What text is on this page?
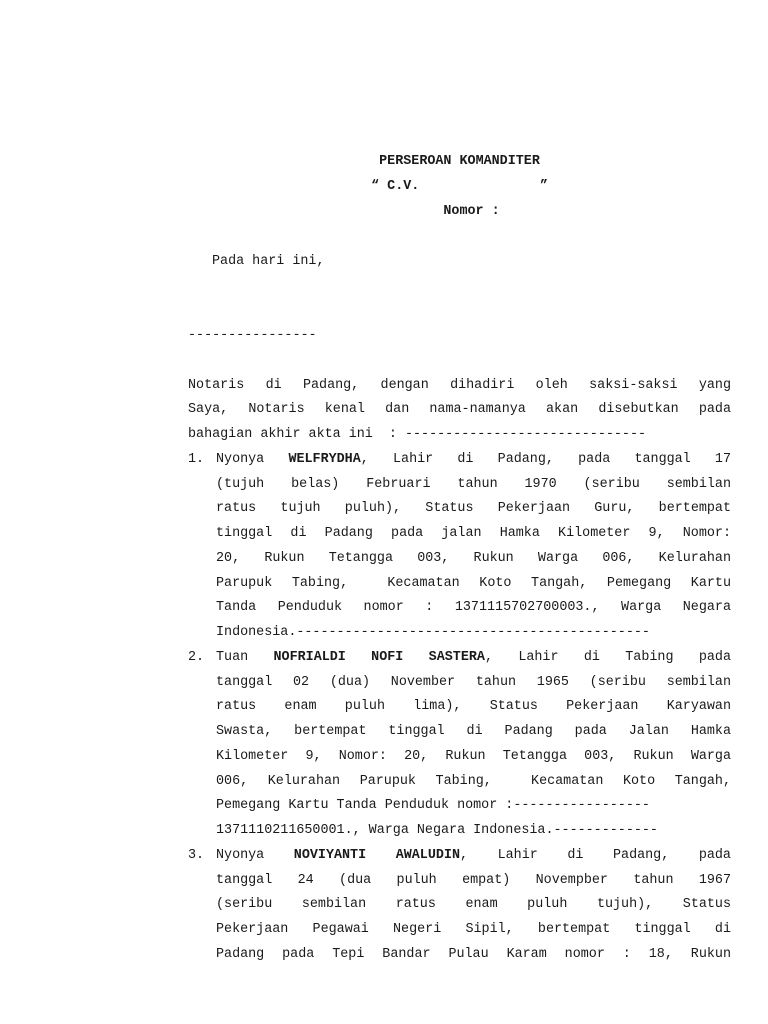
PERSEROAN KOMANDITER
“ C.V.               ”
Nomor :
Pada hari ini,

----------------

Notaris di Padang, dengan dihadiri oleh saksi-saksi yang
Saya, Notaris kenal dan nama-namanya akan disebutkan pada
bahagian akhir akta ini  : ------------------------------
1. Nyonya WELFRYDHA, Lahir di Padang, pada tanggal 17
(tujuh belas) Februari tahun 1970 (seribu sembilan
ratus tujuh puluh), Status Pekerjaan Guru, bertempat
tinggal di Padang pada jalan Hamka Kilometer 9, Nomor:
20, Rukun Tetangga 003, Rukun Warga 006, Kelurahan
Parupuk Tabing,  Kecamatan Koto Tangah, Pemegang Kartu
Tanda Penduduk nomor : 1371115702700003., Warga Negara
Indonesia.--------------------------------------------
2. Tuan NOFRIALDI NOFI SASTERA, Lahir di Tabing pada
tanggal 02 (dua) November tahun 1965 (seribu sembilan
ratus enam puluh lima), Status Pekerjaan Karyawan
Swasta, bertempat tinggal di Padang pada Jalan Hamka
Kilometer 9, Nomor: 20, Rukun Tetangga 003, Rukun Warga
006, Kelurahan Parupuk Tabing,  Kecamatan Koto Tangah,
Pemegang Kartu Tanda Penduduk nomor :-----------------
1371110211650001., Warga Negara Indonesia.-------------
3. Nyonya NOVIYANTI AWALUDIN, Lahir di Padang, pada
tanggal 24 (dua puluh empat) Novempber tahun 1967
(seribu sembilan ratus enam puluh tujuh), Status
Pekerjaan Pegawai Negeri Sipil, bertempat tinggal di
Padang pada Tepi Bandar Pulau Karam nomor : 18, Rukun
